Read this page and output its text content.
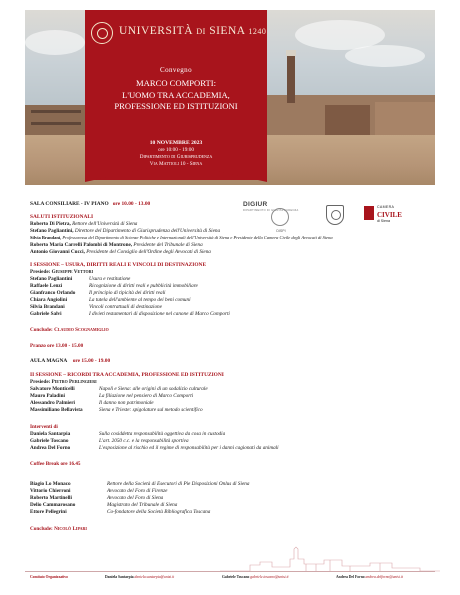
UNIVERSITÀ DI SIENA 1240
Convegno
MARCO COMPORTI:
L'UOMO TRA ACCADEMIA,
PROFESSIONE ED ISTITUZIONI
10 NOVEMBRE 2023
ore 10:00 - 19:00
Dipartimento di Giurisprudenza
Via Mattioli 10 - Siena
DIGIUR
DIPARTIMENTO DI GIURISPRUDENZA
DISPI
CAMERA
CIVILE
di Siena
SALA CONSILIARE - IV PIANO ore 10.00 - 13.00
SALUTI ISTITUZIONALI
Roberto Di Pietra, Rettore dell'Università di Siena
Stefano Pagliantini, Direttore del Dipartimento di Giurisprudenza dell'Università di Siena
Silvia Brandani, Professoressa del Dipartimento di Scienze Politiche e Internazionali dell'Università di Siena e Presidente della Camera Civile degli Avvocati di Siena
Roberto Maria Carrelli Palombi di Montrone, Presidente del Tribunale di Siena
Antonio Giovanni Cucci, Presidente del Consiglio dell'Ordine degli Avvocati di Siena
I SESSIONE – USURA, DIRITTI REALI E VINCOLI DI DESTINAZIONE
Presiede: Giuseppe Vettori
Stefano Pagliantini	Usura e restitutione
Raffaele Lenzi	Ricognizione di diritti reali e pubblicità immobiliare
Gianfranco Orlando	Il principio di tipicità dei diritti reali
Chiara Angiolini	La tutela dell'ambiente al tempo dei beni comuni
Silvia Brandani	Vincoli contrattuali di destinazione
Gabriele Salvi	I divieti testamentari di disposizione nel canone di Marco Comporti
Conclude: Claudio Scognamiglio
Pranzo ore 13.00 - 15.00
AULA MAGNA ore 15.00 - 19.00
II SESSIONE – RICORDI TRA ACCADEMIA, PROFESSIONE ED ISTITUZIONI
Presiede: Pietro Perlingieri
Salvatore Monticelli	Napoli e Siena: alle origini di un sodalizio culturale
Mauro Paladini	La filiazione nel pensiero di Marco Comporti
Alessandro Palmieri	Il danno non patrimoniale
Massimiliano Bellavista	Siena e Trieste: spigolature sul metodo scientifico
Interventi di
Daniela Santarpia	Sulla cosiddetta responsabilità oggettiva da cosa in custodia
Gabriele Toscano	L'art. 2050 c.c. e la responsabilità sportiva
Andrea Del Forno	L'esposizione al rischio ed il regime di responsabilità per i danni cagionati da animali
Coffee Break ore 16.45
Biagio Lo Monaco	Rettore della Società di Esecutori di Pie Disposizioni Onlus di Siena
Vittorio Chierroni	Avvocato del Foro di Firenze
Roberto Martinelli	Avvocato del Foro di Siena
Delio Cammarosano	Magistrato del Tribunale di Siena
Ettore Pellegrini	Co-fondatore della Società Bibliografica Toscana
Conclude: Nicolò Lipari
Comitato Organizzativo	Daniela Santarpia daniela.santarpia@unisi.it	Gabriele Toscano gabriele.toscano@unisi.it	Andrea Del Forno andrea.delforno@unisi.it
